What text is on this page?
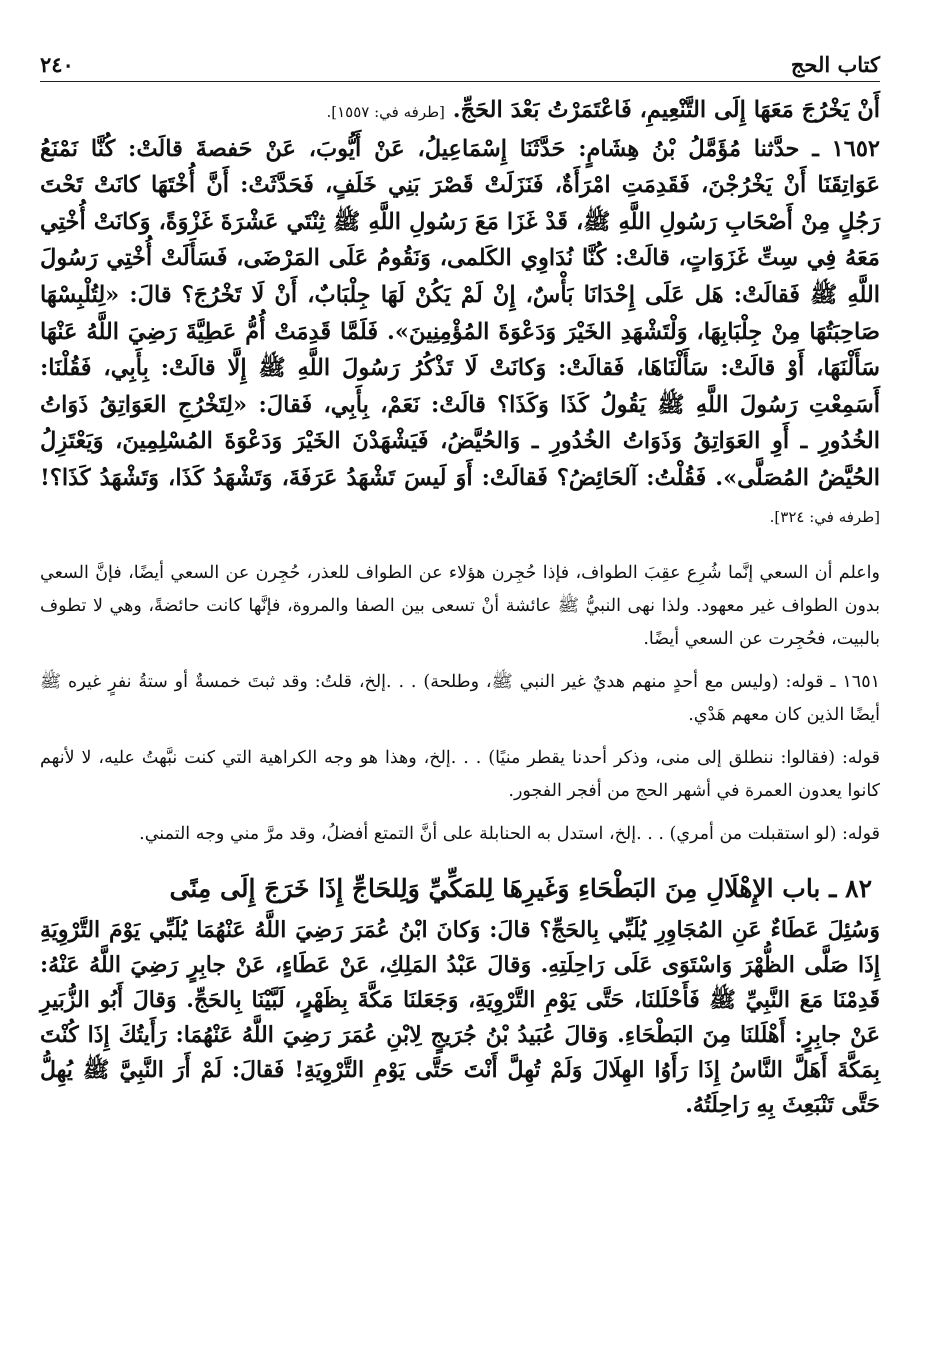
كتاب الحج
٢٤٠

أَنْ يَخْرُجَ مَعَهَا إِلَى التَّنْعِيمِ، فَاعْتَمَرْتُ بَعْدَ الحَجِّ. [طرفه في: ١٥٥٧].

١٦٥٢ ـ حدَّثنا مُؤَمَّلُ بْنُ هِشَامٍ: حَدَّثَنَا إِسْمَاعِيلُ، عَنْ أَيُّوبَ، عَنْ حَفصةَ قالَتْ: كُنَّا نَمْنَعُ عَوَاتِقَنَا أَنْ يَخْرُجْنَ، فَقَدِمَتِ امْرَأَةٌ، فَنَزَلَتْ قَصْرَ بَنِي خَلَفٍ، فَحَدَّثَتْ: أَنَّ أُخْتَهَا كانَتْ تَحْتَ رَجُلٍ مِنْ أَصْحَابِ رَسُولِ اللَّهِ ﷺ، قَدْ غَزَا مَعَ رَسُولِ اللَّهِ ﷺ ثِنْتَي عَشْرَةَ غَزْوَةً، وَكانَتْ أُخْتِي مَعَهُ فِي سِتِّ غَزَوَاتٍ، قالَتْ: كُنَّا نُدَاوِي الكَلمى، وَنَقُومُ عَلَى المَرْضَى، فَسَأَلَتْ أُخْتِي رَسُولَ اللَّهِ ﷺ فَقالَتْ: هَل عَلَى إِحْدَانَا بَأْسٌ، إِنْ لَمْ يَكُنْ لَهَا جِلْبَابٌ، أَنْ لَا تَخْرُجَ؟ قالَ: «لِتُلْبِسْهَا صَاحِبَتُهَا مِنْ جِلْبَابِهَا، وَلْتَشْهَدِ الخَيْرَ وَدَعْوَةَ المُؤْمِنِينَ». فَلَمَّا قَدِمَتْ أُمُّ عَطِيَّةَ رَضِيَ اللَّهُ عَنْهَا سَأَلْنَهَا، أَوْ قالَتْ: سَأَلْنَاهَا، فَقالَتْ: وَكانَتْ لَا تَذْكُرُ رَسُولَ اللَّهِ ﷺ إِلَّا قالَتْ: بِأَبِي، فَقُلْنَا: أَسَمِعْتِ رَسُولَ اللَّهِ ﷺ يَقُولُ كَذَا وَكَذَا؟ قالَتْ: نَعَمْ، بِأَبِي، فَقالَ: «لِتَخْرُجِ العَوَاتِقُ ذَوَاتُ الخُدُورِ ـ أَوِ العَوَاتِقُ وَذَوَاتُ الخُدُورِ ـ وَالحُيَّضُ، فَيَشْهَدْنَ الخَيْرَ وَدَعْوَةَ المُسْلِمِينَ، وَيَعْتَزِلُ الحُيَّضُ المُصَلَّى». فَقُلْتُ: آلحَائِضُ؟ فَقالَتْ: أَوَ لَيسَ تَشْهَدُ عَرَفَةَ، وَتَشْهَدُ كَذَا، وَتَشْهَدُ كَذَا؟! [طرفه في: ٣٢٤].

واعلم أن السعي إنَّما شُرِع عقِبَ الطواف، فإذا حُجِرن هؤلاء عن الطواف للعذر، حُجِرن عن السعي أيضًا، فإنَّ السعي بدون الطواف غير معهود. ولذا نهى النبيُّ ﷺ عائشة أنْ تسعى بين الصفا والمروة، فإنَّها كانت حائضةً، وهي لا تطوف بالبيت، فحُجِرت عن السعي أيضًا.

١٦٥١ ـ قوله: (وليس مع أحدٍ منهم هديٌ غير النبي ﷺ، وطلحة) . . .إلخ، قلتُ: وقد ثبتَ خمسةٌ أو ستةُ نفرٍ غيره ﷺ أيضًا الذين كان معهم هَدْي.

قوله: (فقالوا: ننطلق إلى منى، وذكر أحدنا يقطر منيًا) . . .إلخ، وهذا هو وجه الكراهية التي كنت نبَّهتُ عليه، لا لأنهم كانوا يعدون العمرة في أشهر الحج من أفجر الفجور.

قوله: (لو استقبلت من أمري) . . .إلخ، استدل به الحنابلة على أنَّ التمتع أفضلُ، وقد مرَّ مني وجه التمني.

٨٢ ـ باب الإِهْلَالِ مِنَ البَطْحَاءِ وَغَيرِهَا لِلمَكِّيِّ وَلِلحَاجِّ إِذَا خَرَجَ إِلَى مِنًى

وَسُئِلَ عَطَاءٌ عَنِ المُجَاوِرِ يُلَبِّي بِالحَجِّ؟ قالَ: وَكانَ ابْنُ عُمَرَ رَضِيَ اللَّهُ عَنْهُمَا يُلَبِّي يَوْمَ التَّرْوِيَةِ إِذَا صَلَّى الظُّهْرَ وَاسْتَوَى عَلَى رَاحِلَتِهِ. وَقالَ عَبْدُ المَلِكِ، عَنْ عَطَاءٍ، عَنْ جابِرٍ رَضِيَ اللَّهُ عَنْهُ: قَدِمْنَا مَعَ النَّبِيِّ ﷺ فَأَحْلَلنَا، حَتَّى يَوْمِ التَّرْوِيَةِ، وَجَعَلنَا مَكَّةَ بِظَهْرٍ، لَبَّيْنَا بِالحَجِّ. وَقالَ أَبُو الزُّبَيرِ عَنْ جابِرٍ: أَهْلَلنَا مِنَ البَطْحَاءِ. وَقالَ عُبَيدُ بْنُ جُرَيجٍ لِابْنِ عُمَرَ رَضِيَ اللَّهُ عَنْهُمَا: رَأَيتُكَ إِذَا كُنْتَ بِمَكَّةَ أَهَلَّ النَّاسُ إِذَا رَأَوُا الهِلَالَ وَلَمْ تُهِلَّ أَنْتَ حَتَّى يَوْمِ التَّرْوِيَةِ! فَقالَ: لَمْ أَرَ النَّبِيَّ ﷺ يُهِلُّ حَتَّى تَنْبَعِثَ بِهِ رَاحِلَتُهُ.
